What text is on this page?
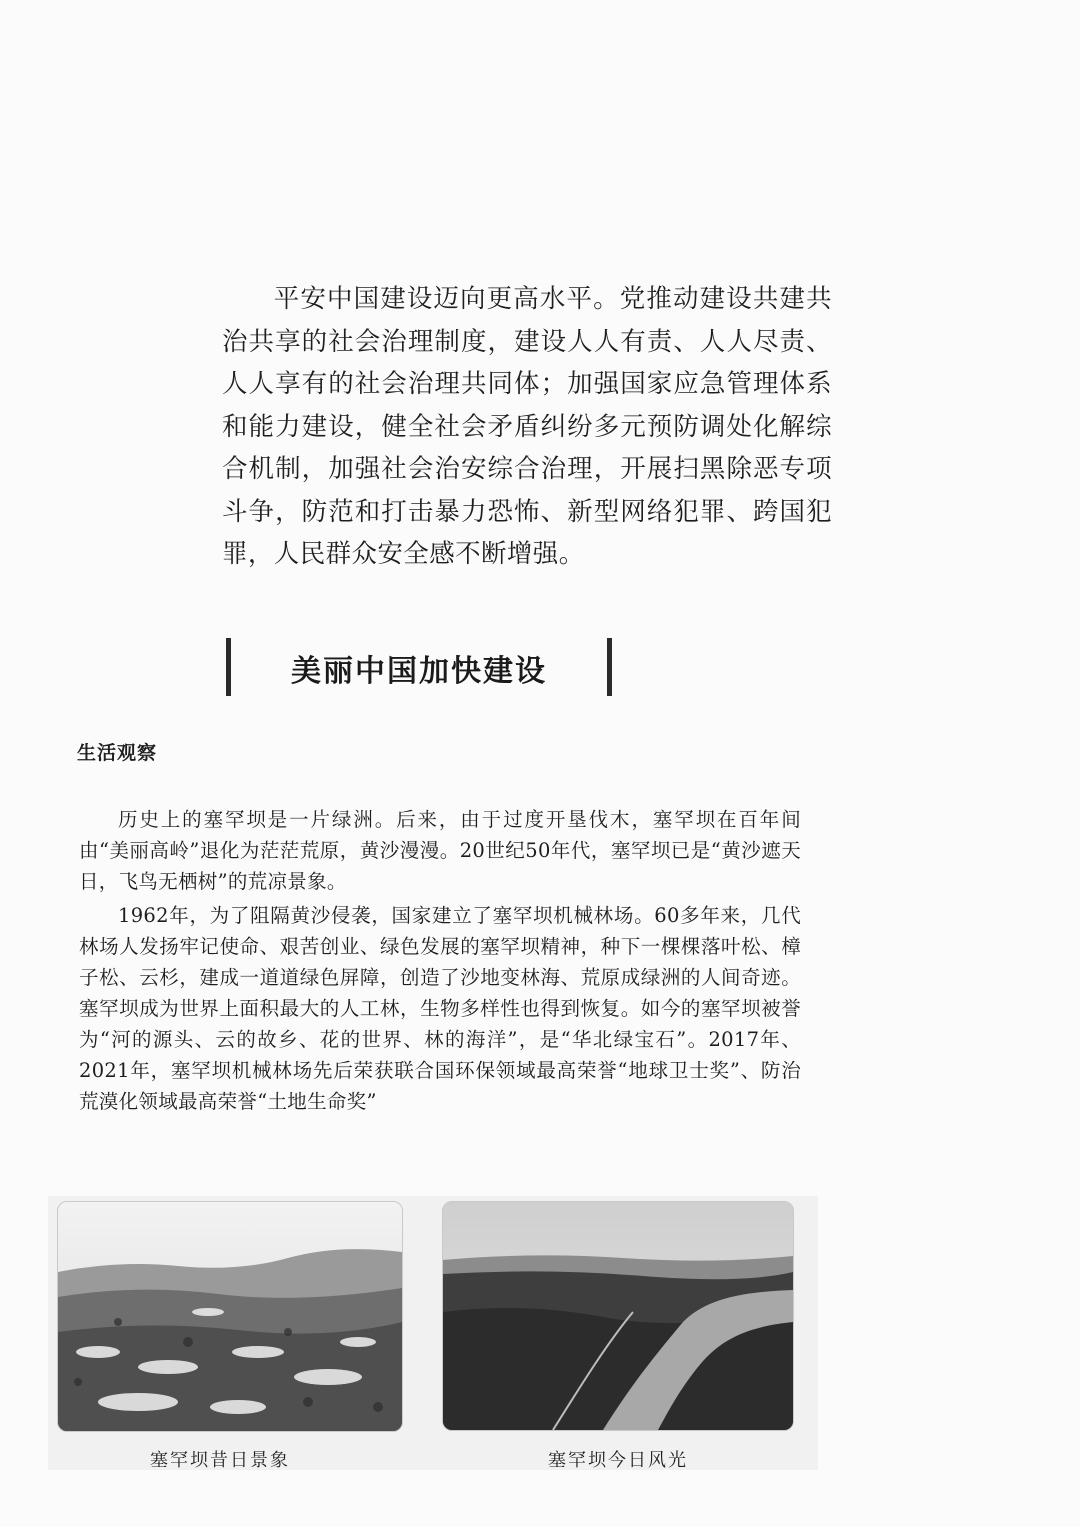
平安中国建设迈向更高水平。党推动建设共建共治共享的社会治理制度，建设人人有责、人人尽责、人人享有的社会治理共同体；加强国家应急管理体系和能力建设，健全社会矛盾纠纷多元预防调处化解综合机制，加强社会治安综合治理，开展扫黑除恶专项斗争，防范和打击暴力恐怖、新型网络犯罪、跨国犯罪，人民群众安全感不断增强。

美丽中国加快建设
生活观察

历史上的塞罕坝是一片绿洲。后来，由于过度开垦伐木，塞罕坝在百年间由“美丽高岭”退化为茫茫荒原，黄沙漫漫。20世纪50年代，塞罕坝已是“黄沙遮天日，飞鸟无栖树”的荒凉景象。

1962年，为了阻隔黄沙侵袭，国家建立了塞罕坝机械林场。60多年来，几代林场人发扬牢记使命、艰苦创业、绿色发展的塞罕坝精神，种下一棵棵落叶松、樟子松、云杉，建成一道道绿色屏障，创造了沙地变林海、荒原成绿洲的人间奇迹。塞罕坝成为世界上面积最大的人工林，生物多样性也得到恢复。如今的塞罕坝被誉为“河的源头、云的故乡、花的世界、林的海洋”，是“华北绿宝石”。2017年、2021年，塞罕坝机械林场先后荣获联合国环保领域最高荣誉“地球卫士奖”、防治荒漠化领域最高荣誉“土地生命奖”

塞罕坝昔日景象	塞罕坝今日风光
